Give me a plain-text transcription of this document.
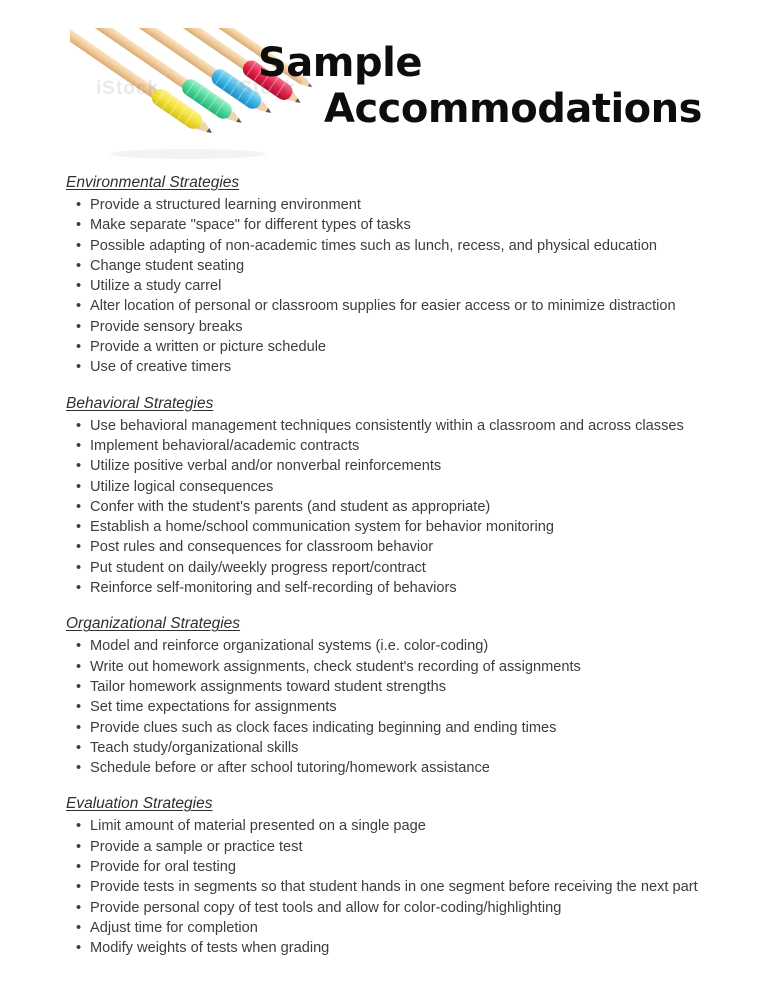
Sample
Accommodations
Environmental Strategies
• Provide a structured learning environment
• Make separate "space" for different types of tasks
• Possible adapting of non-academic times such as lunch, recess, and physical education
• Change student seating
• Utilize a study carrel
• Alter location of personal or classroom supplies for easier access or to minimize distraction
• Provide sensory breaks
• Provide a written or picture schedule
• Use of creative timers
Behavioral Strategies
• Use behavioral management techniques consistently within a classroom and across classes
• Implement behavioral/academic contracts
• Utilize positive verbal and/or nonverbal reinforcements
• Utilize logical consequences
• Confer with the student's parents (and student as appropriate)
• Establish a home/school communication system for behavior monitoring
• Post rules and consequences for classroom behavior
• Put student on daily/weekly progress report/contract
• Reinforce self-monitoring and self-recording of behaviors
Organizational Strategies
• Model and reinforce organizational systems (i.e. color-coding)
• Write out homework assignments, check student's recording of assignments
• Tailor homework assignments toward student strengths
• Set time expectations for assignments
• Provide clues such as clock faces indicating beginning and ending times
• Teach study/organizational skills
• Schedule before or after school tutoring/homework assistance
Evaluation Strategies
• Limit amount of material presented on a single page
• Provide a sample or practice test
• Provide for oral testing
• Provide tests in segments so that student hands in one segment before receiving the next part
• Provide personal copy of test tools and allow for color-coding/highlighting
• Adjust time for completion
• Modify weights of tests when grading
